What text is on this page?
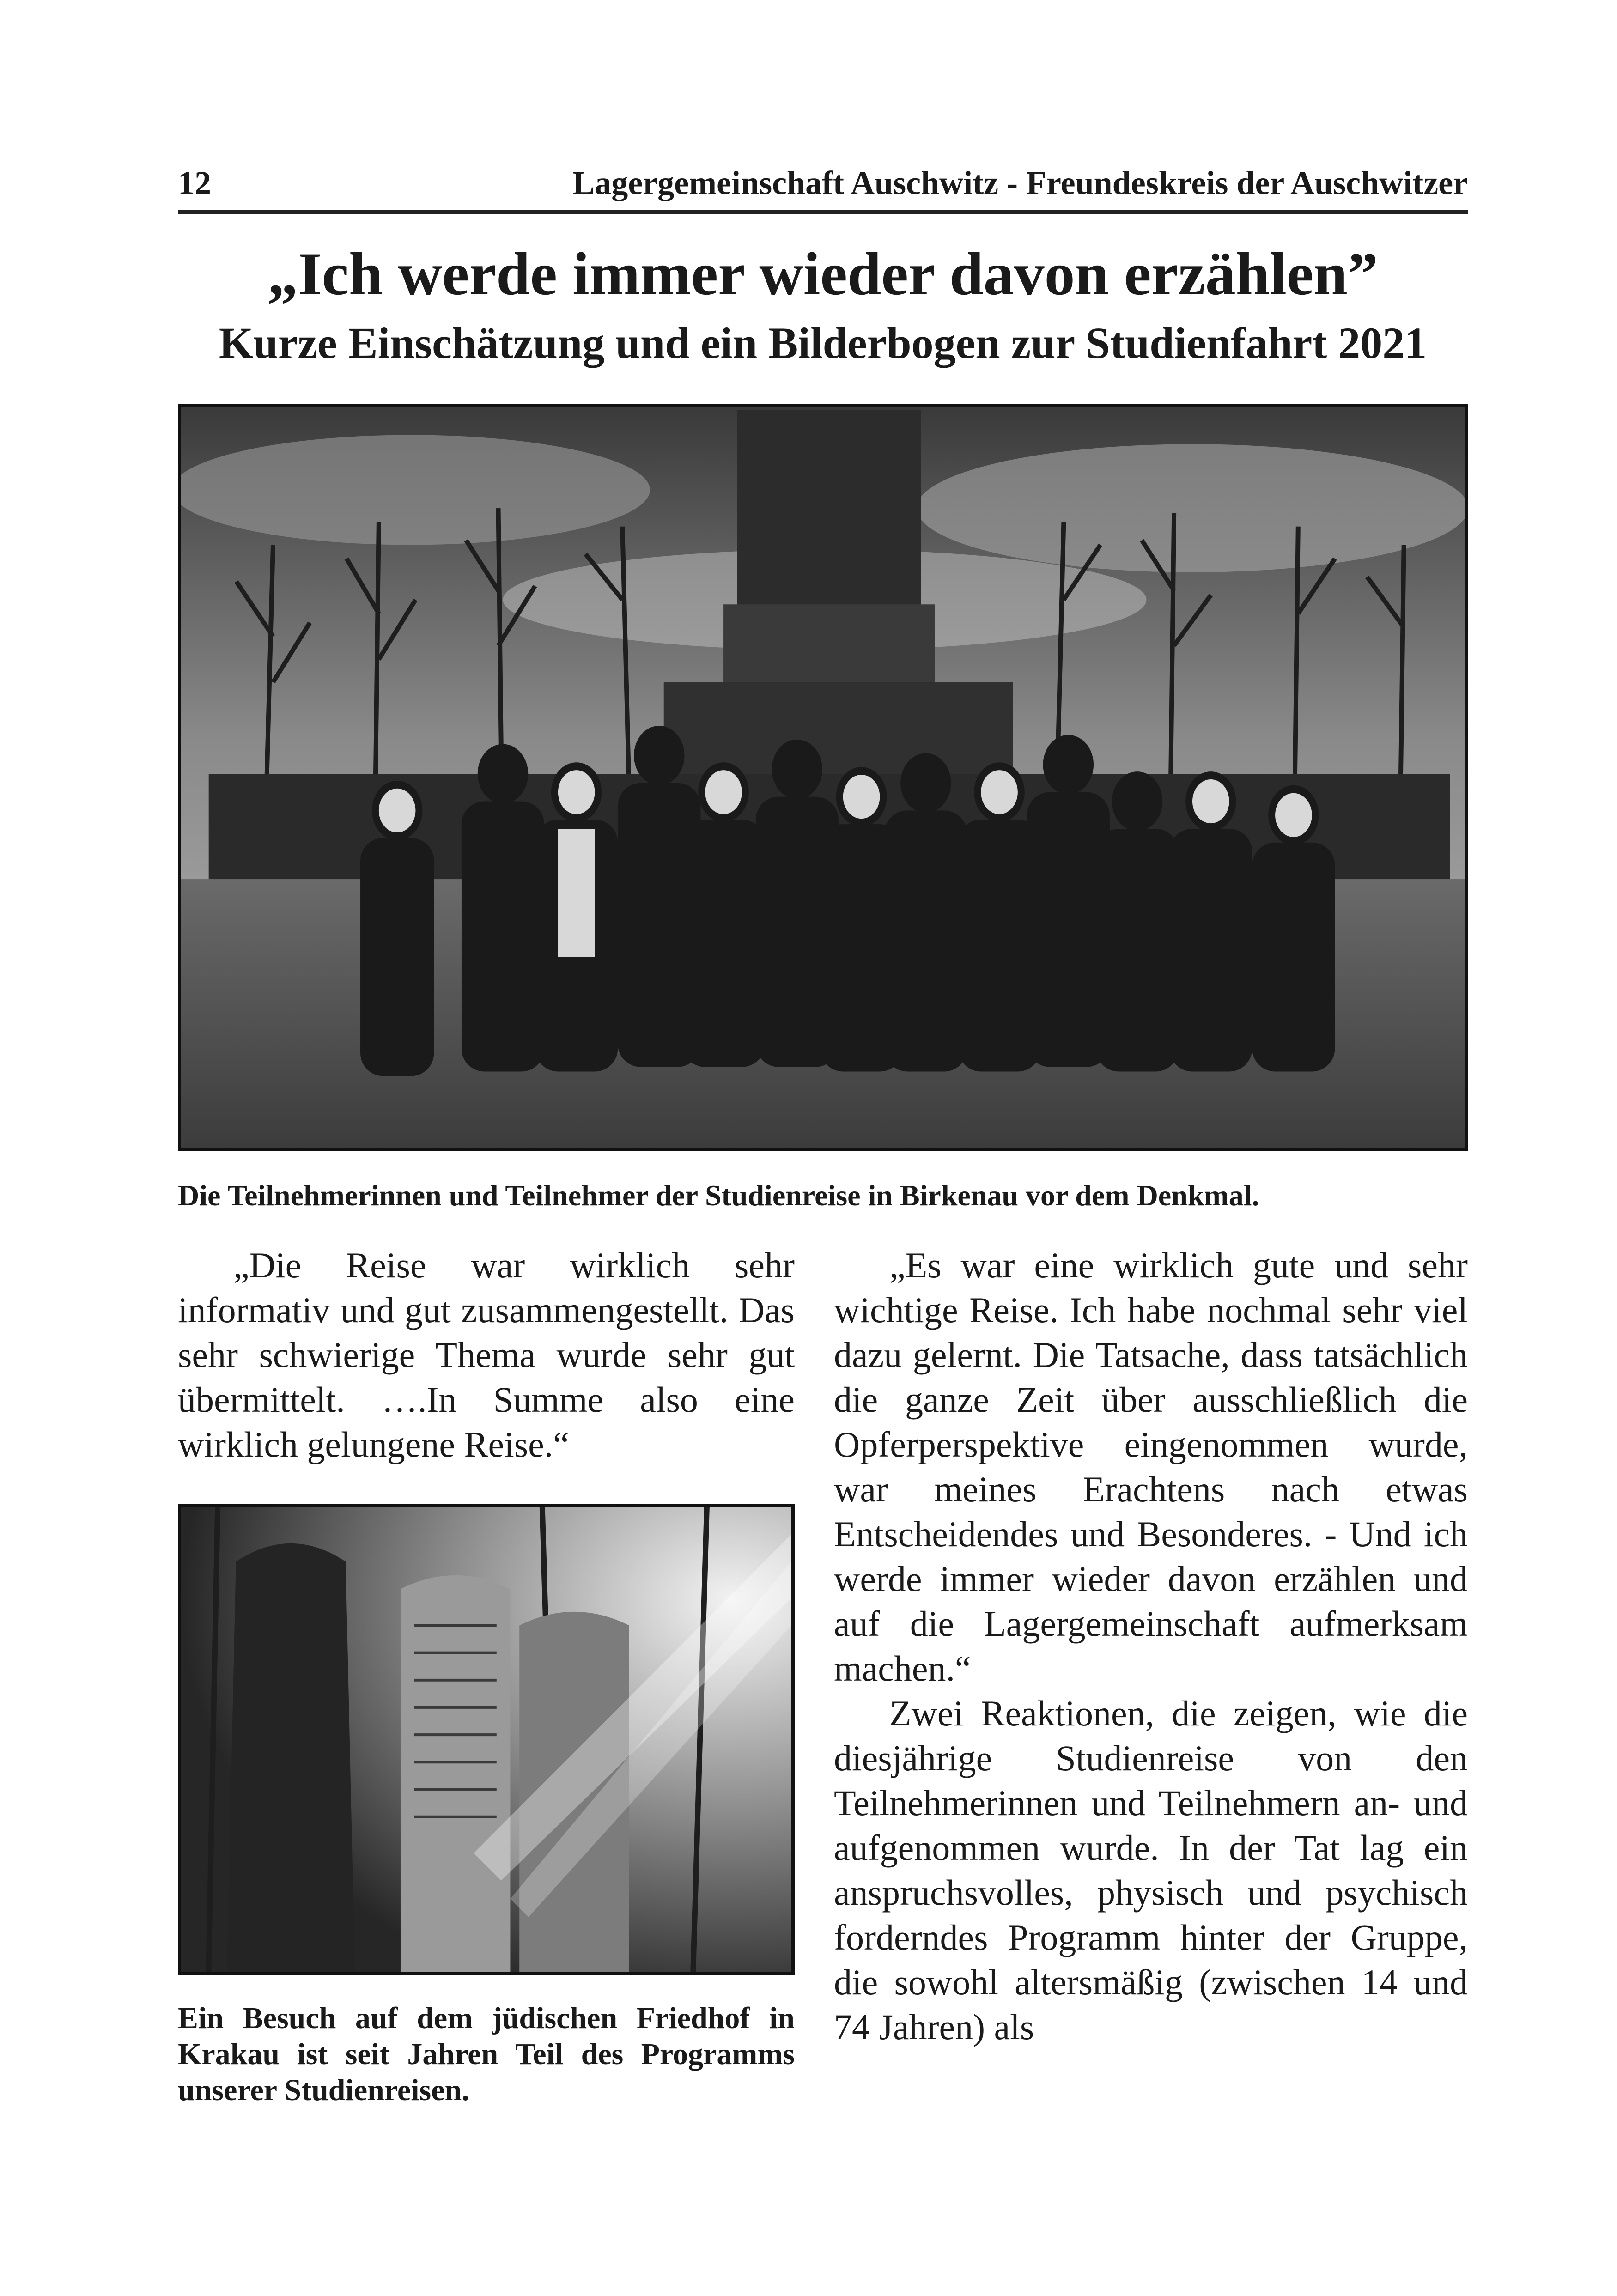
12	Lagergemeinschaft Auschwitz - Freundeskreis der Auschwitzer
„Ich werde immer wieder davon erzählen”
Kurze Einschätzung und ein Bilderbogen zur Studienfahrt 2021

Die Teilnehmerinnen und Teilnehmer der Studienreise in Birkenau vor dem Denkmal.

„Die Reise war wirklich sehr informativ und gut zusammengestellt. Das sehr schwierige Thema wurde sehr gut übermittelt. ….In Summe also eine wirklich gelungene Reise.“

Ein Besuch auf dem jüdischen Friedhof in Krakau ist seit Jahren Teil des Programms unserer Studienreisen.

„Es war eine wirklich gute und sehr wichtige Reise. Ich habe nochmal sehr viel dazu gelernt. Die Tatsache, dass tatsächlich die ganze Zeit über ausschließlich die Opferperspektive eingenommen wurde, war meines Erachtens nach etwas Entscheidendes und Besonderes. - Und ich werde immer wieder davon erzählen und auf die Lagergemeinschaft aufmerksam machen.“

Zwei Reaktionen, die zeigen, wie die diesjährige Studienreise von den Teilnehmerinnen und Teilnehmern an- und aufgenommen wurde. In der Tat lag ein anspruchsvolles, physisch und psychisch forderndes Programm hinter der Gruppe, die sowohl altersmäßig (zwischen 14 und 74 Jahren) als
